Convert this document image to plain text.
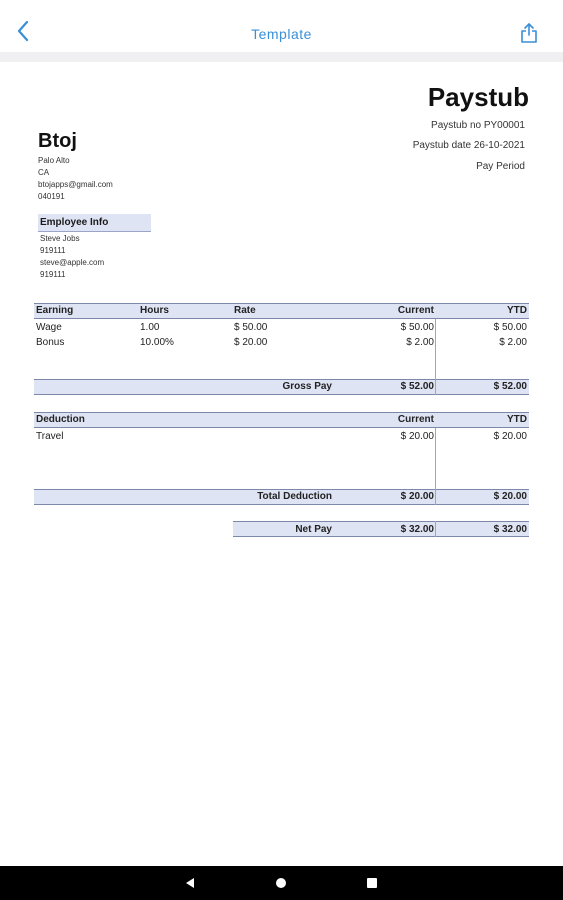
Template
Paystub
Paystub no PY00001
Paystub date 26-10-2021
Pay Period
Btoj
Palo Alto
CA
btojapps@gmail.com
040191
Employee Info
Steve Jobs
919111
steve@apple.com
919111
Earning	Hours	Rate	Current	YTD
Wage	1.00	$ 50.00	$ 50.00	$ 50.00
Bonus	10.00%	$ 20.00	$ 2.00	$ 2.00
Gross Pay	$ 52.00	$ 52.00
Deduction	Current	YTD
Travel	$ 20.00	$ 20.00
Total Deduction	$ 20.00	$ 20.00
Net Pay	$ 32.00	$ 32.00
